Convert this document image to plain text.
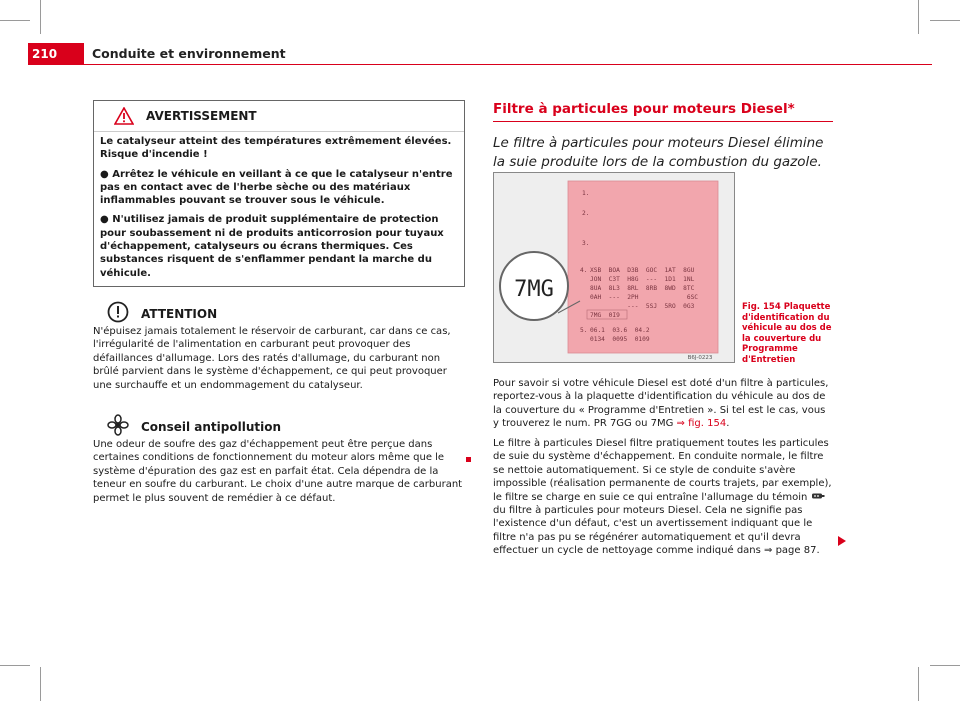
210	Conduite et environnement
AVERTISSEMENT

Le catalyseur atteint des températures extrêmement élevées. Risque d'incendie !

● Arrêtez le véhicule en veillant à ce que le catalyseur n'entre pas en contact avec de l'herbe sèche ou des matériaux inflammables pouvant se trouver sous le véhicule.

● N'utilisez jamais de produit supplémentaire de protection pour soubassement ni de produits anticorrosion pour tuyaux d'échappement, catalyseurs ou écrans thermiques. Ces substances risquent de s'enflammer pendant la marche du véhicule.

ATTENTION

N'épuisez jamais totalement le réservoir de carburant, car dans ce cas, l'irrégularité de l'alimentation en carburant peut provoquer des défaillances d'allumage. Lors des ratés d'allumage, du carburant non brûlé parvient dans le système d'échappement, ce qui peut provoquer une surchauffe et un endommagement du catalyseur.

Conseil antipollution

Une odeur de soufre des gaz d'échappement peut être perçue dans certaines conditions de fonctionnement du moteur alors même que le système d'épuration des gaz est en parfait état. Cela dépendra de la teneur en soufre du carburant. Le choix d'une autre marque de carburant permet le plus souvent de remédier à ce défaut.

Filtre à particules pour moteurs Diesel*
Le filtre à particules pour moteurs Diesel élimine la suie produite lors de la combustion du gazole.
1.
2.
3.
4.
5.
XSB  BOA  D3B  GOC  1AT  8GU
JON  C3T  H8G  ---  1D1  1NL
8UA  8L3  8RL  8RB  8WD  8TC
0AH  ---  2PH             6SC
---  5SJ  5RO  0G3
7MG  0I9
06.1  03.6  04.2
0134  0095  0109
7MG
B6J-0223
Fig. 154 Plaquette d'identification du véhicule au dos de la couverture du Programme d'Entretien

Pour savoir si votre véhicule Diesel est doté d'un filtre à particules, reportez-vous à la plaquette d'identification du véhicule au dos de la couverture du « Programme d'Entretien ». Si tel est le cas, vous y trouverez le num. PR 7GG ou 7MG ⇒ fig. 154.

Le filtre à particules Diesel filtre pratiquement toutes les particules de suie du système d'échappement. En conduite normale, le filtre se nettoie automatiquement. Si ce style de conduite s'avère impossible (réalisation permanente de courts trajets, par exemple), le filtre se charge en suie ce qui entraîne l'allumage du témoin  du filtre à particules pour moteurs Diesel. Cela ne signifie pas l'existence d'un défaut, c'est un avertissement indiquant que le filtre n'a pas pu se régénérer automatiquement et qu'il devra effectuer un cycle de nettoyage comme indiqué dans ⇒ page 87.
